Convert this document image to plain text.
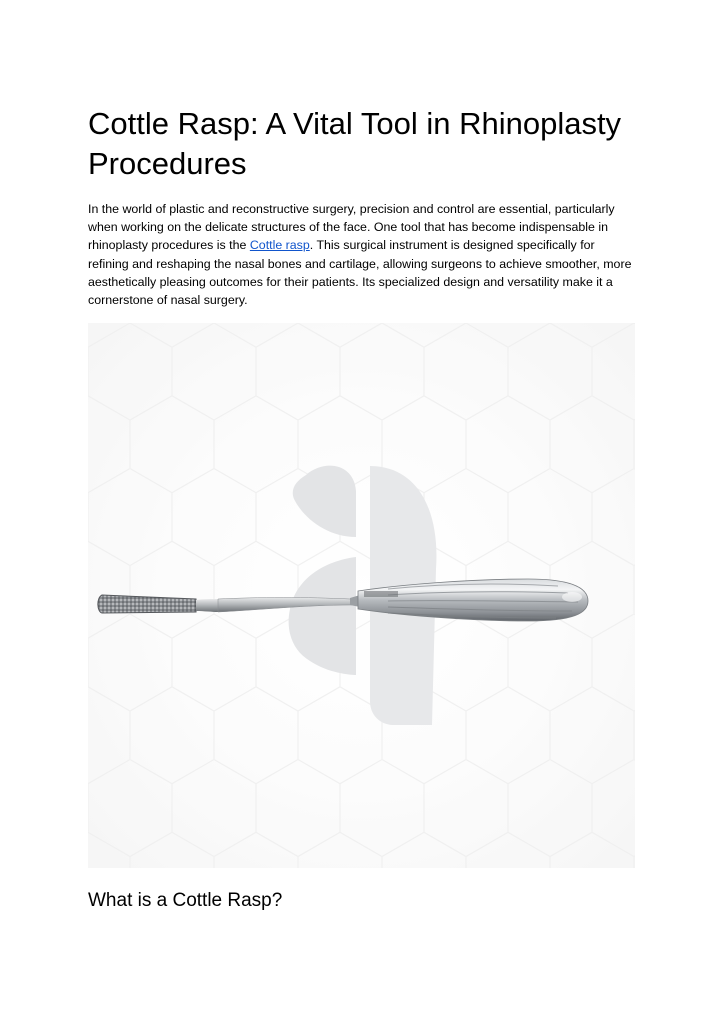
Cottle Rasp: A Vital Tool in Rhinoplasty Procedures

In the world of plastic and reconstructive surgery, precision and control are essential, particularly when working on the delicate structures of the face. One tool that has become indispensable in rhinoplasty procedures is the Cottle rasp. This surgical instrument is designed specifically for refining and reshaping the nasal bones and cartilage, allowing surgeons to achieve smoother, more aesthetically pleasing outcomes for their patients. Its specialized design and versatility make it a cornerstone of nasal surgery.

What is a Cottle Rasp?
